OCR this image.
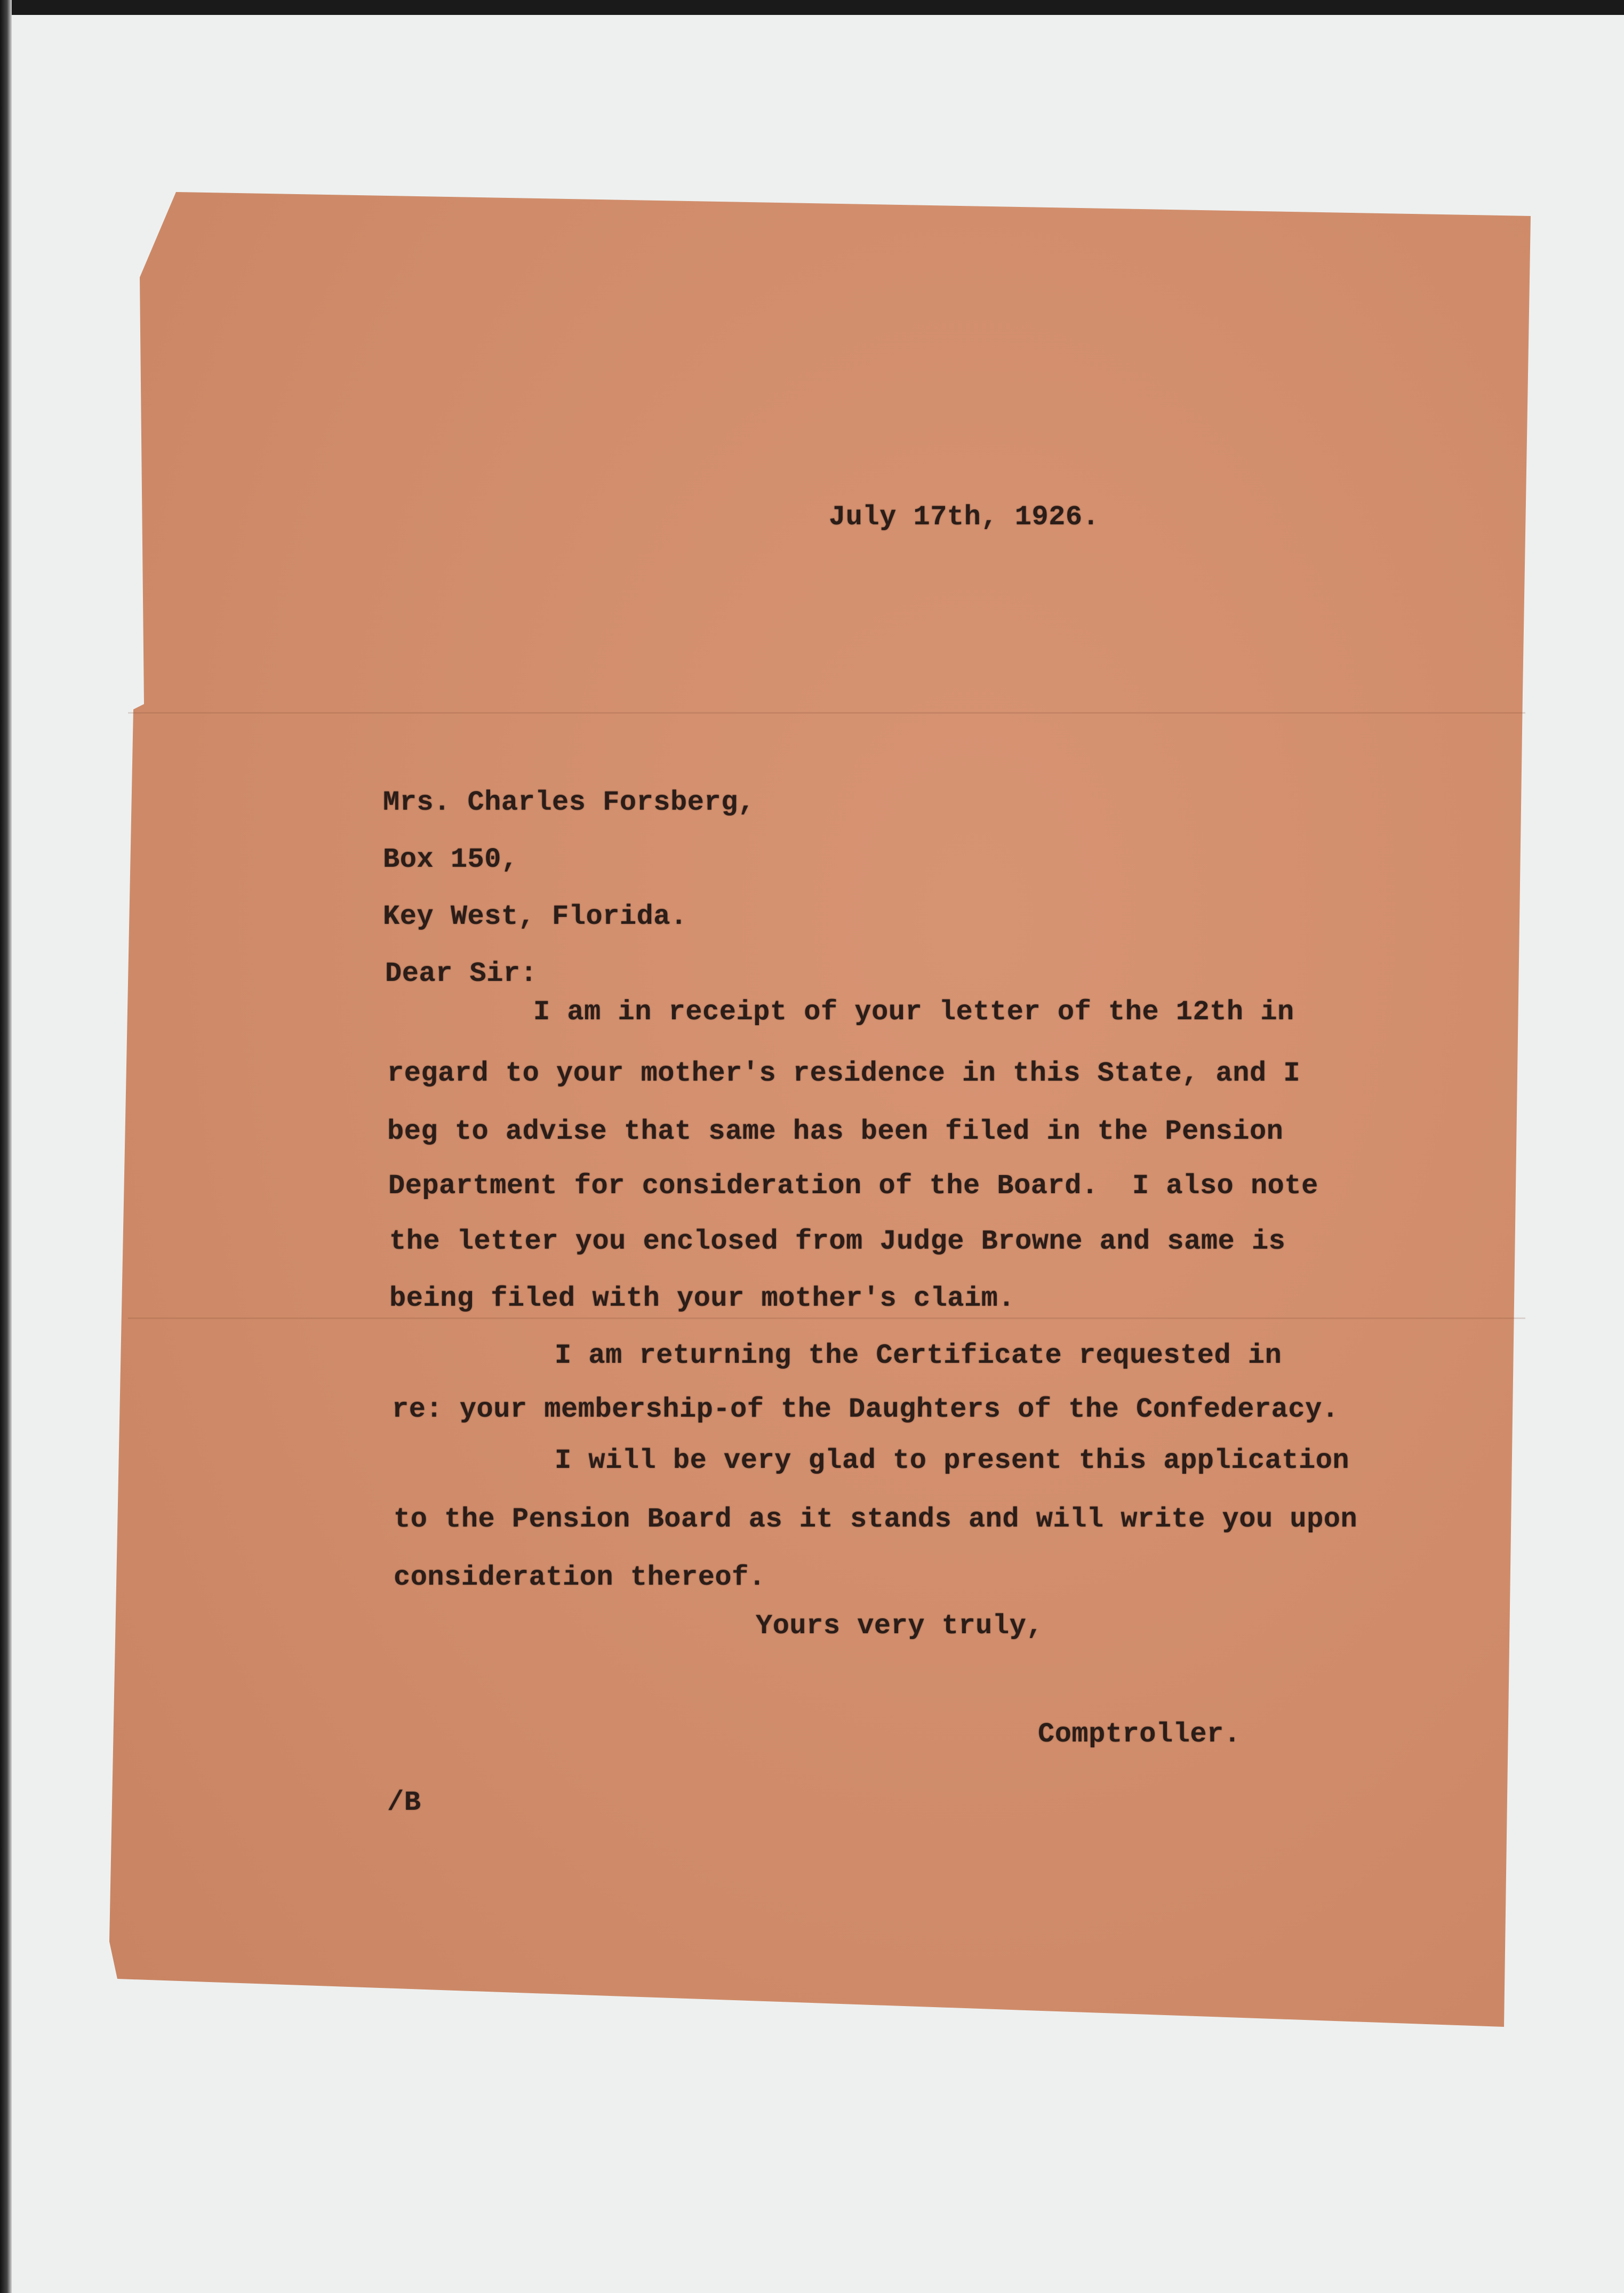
July 17th, 1926.
Mrs. Charles Forsberg,
Box 150,
Key West, Florida.
Dear Sir:
I am in receipt of your letter of the 12th in
regard to your mother's residence in this State, and I
beg to advise that same has been filed in the Pension
Department for consideration of the Board.  I also note
the letter you enclosed from Judge Browne and same is
being filed with your mother's claim.
I am returning the Certificate requested in
re: your membership-of the Daughters of the Confederacy.
I will be very glad to present this application
to the Pension Board as it stands and will write you upon
consideration thereof.
Yours very truly,
Comptroller.
/B
